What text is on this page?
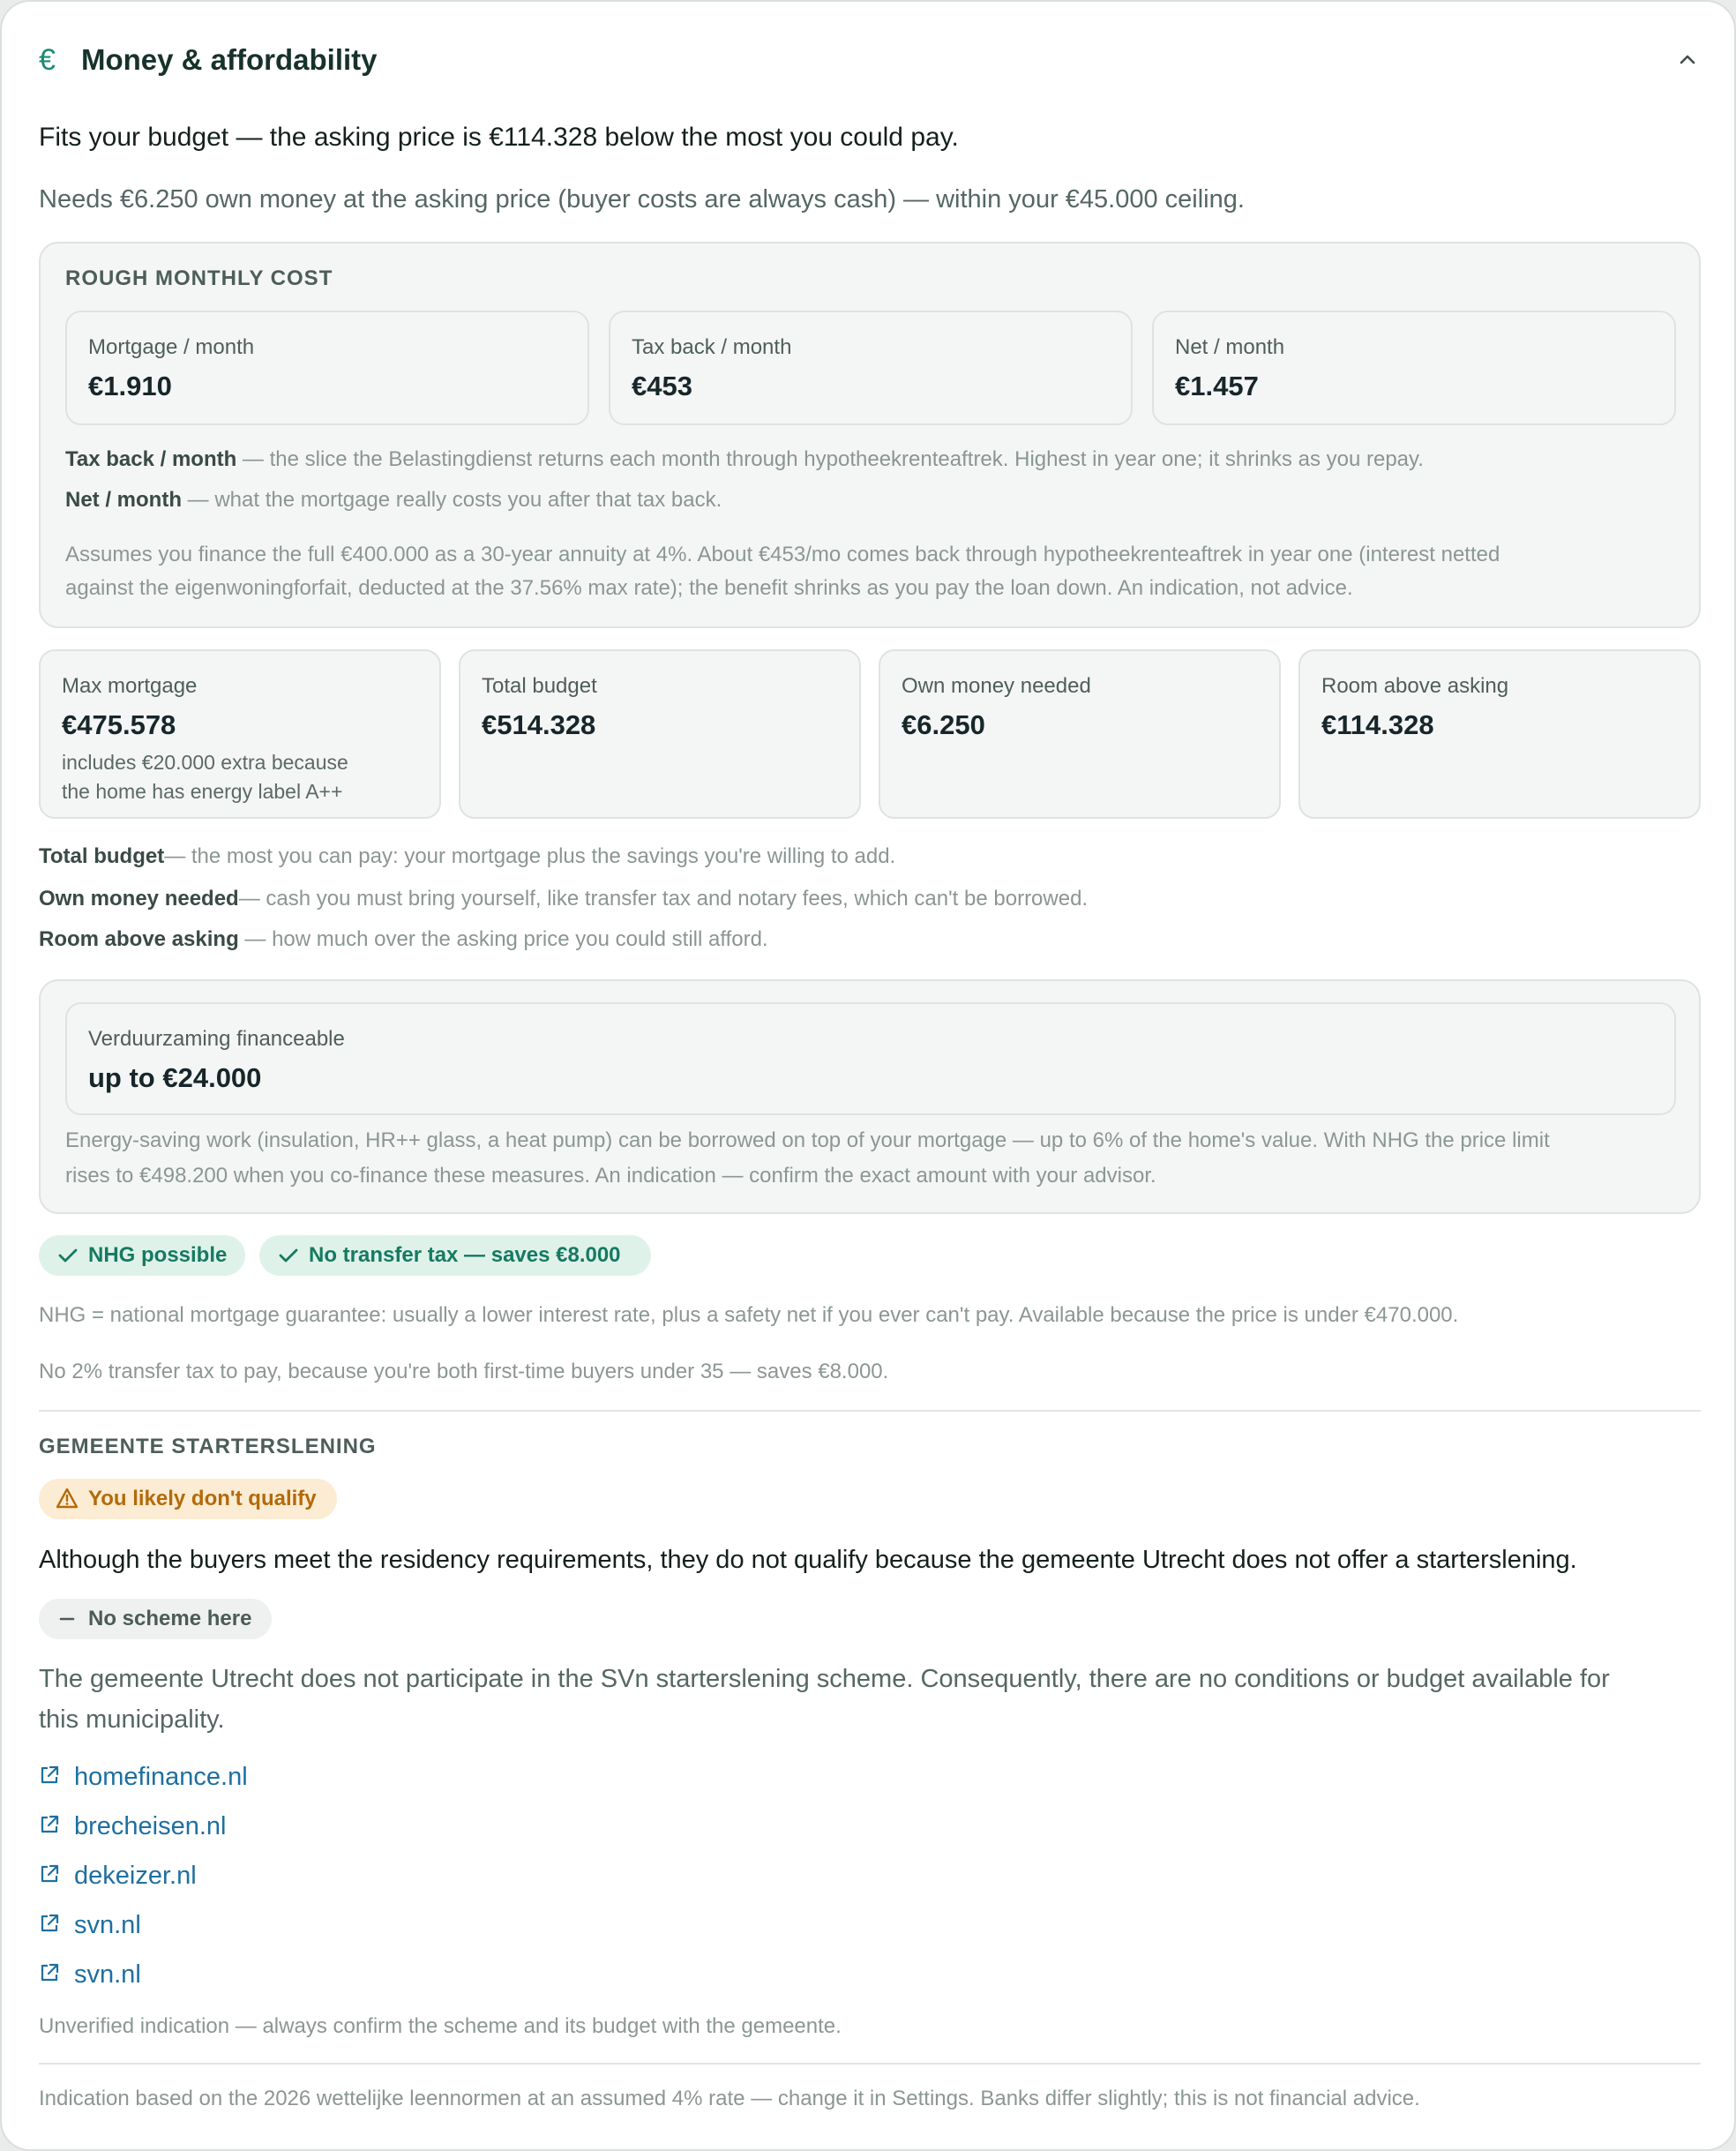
€ Money & affordability
Fits your budget — the asking price is €114.328 below the most you could pay.
Needs €6.250 own money at the asking price (buyer costs are always cash) — within your €45.000 ceiling.
ROUGH MONTHLY COST
Mortgage / month
€1.910
Tax back / month
€453
Net / month
€1.457
Tax back / month — the slice the Belastingdienst returns each month through hypotheekrenteaftrek. Highest in year one; it shrinks as you repay.
Net / month — what the mortgage really costs you after that tax back.
Assumes you finance the full €400.000 as a 30-year annuity at 4%. About €453/mo comes back through hypotheekrenteaftrek in year one (interest netted
against the eigenwoningforfait, deducted at the 37.56% max rate); the benefit shrinks as you pay the loan down. An indication, not advice.
Max mortgage
€475.578
includes €20.000 extra because
the home has energy label A++
Total budget
€514.328
Own money needed
€6.250
Room above asking
€114.328
Total budget— the most you can pay: your mortgage plus the savings you're willing to add.
Own money needed— cash you must bring yourself, like transfer tax and notary fees, which can't be borrowed.
Room above asking — how much over the asking price you could still afford.
Verduurzaming financeable
up to €24.000
Energy-saving work (insulation, HR++ glass, a heat pump) can be borrowed on top of your mortgage — up to 6% of the home's value. With NHG the price limit
rises to €498.200 when you co-finance these measures. An indication — confirm the exact amount with your advisor.
NHG possible	No transfer tax — saves €8.000
NHG = national mortgage guarantee: usually a lower interest rate, plus a safety net if you ever can't pay. Available because the price is under €470.000.
No 2% transfer tax to pay, because you're both first-time buyers under 35 — saves €8.000.
GEMEENTE STARTERSLENING
You likely don't qualify
Although the buyers meet the residency requirements, they do not qualify because the gemeente Utrecht does not offer a starterslening.
No scheme here
The gemeente Utrecht does not participate in the SVn starterslening scheme. Consequently, there are no conditions or budget available for
this municipality.
homefinance.nl
brecheisen.nl
dekeizer.nl
svn.nl
svn.nl
Unverified indication — always confirm the scheme and its budget with the gemeente.
Indication based on the 2026 wettelijke leennormen at an assumed 4% rate — change it in Settings. Banks differ slightly; this is not financial advice.
